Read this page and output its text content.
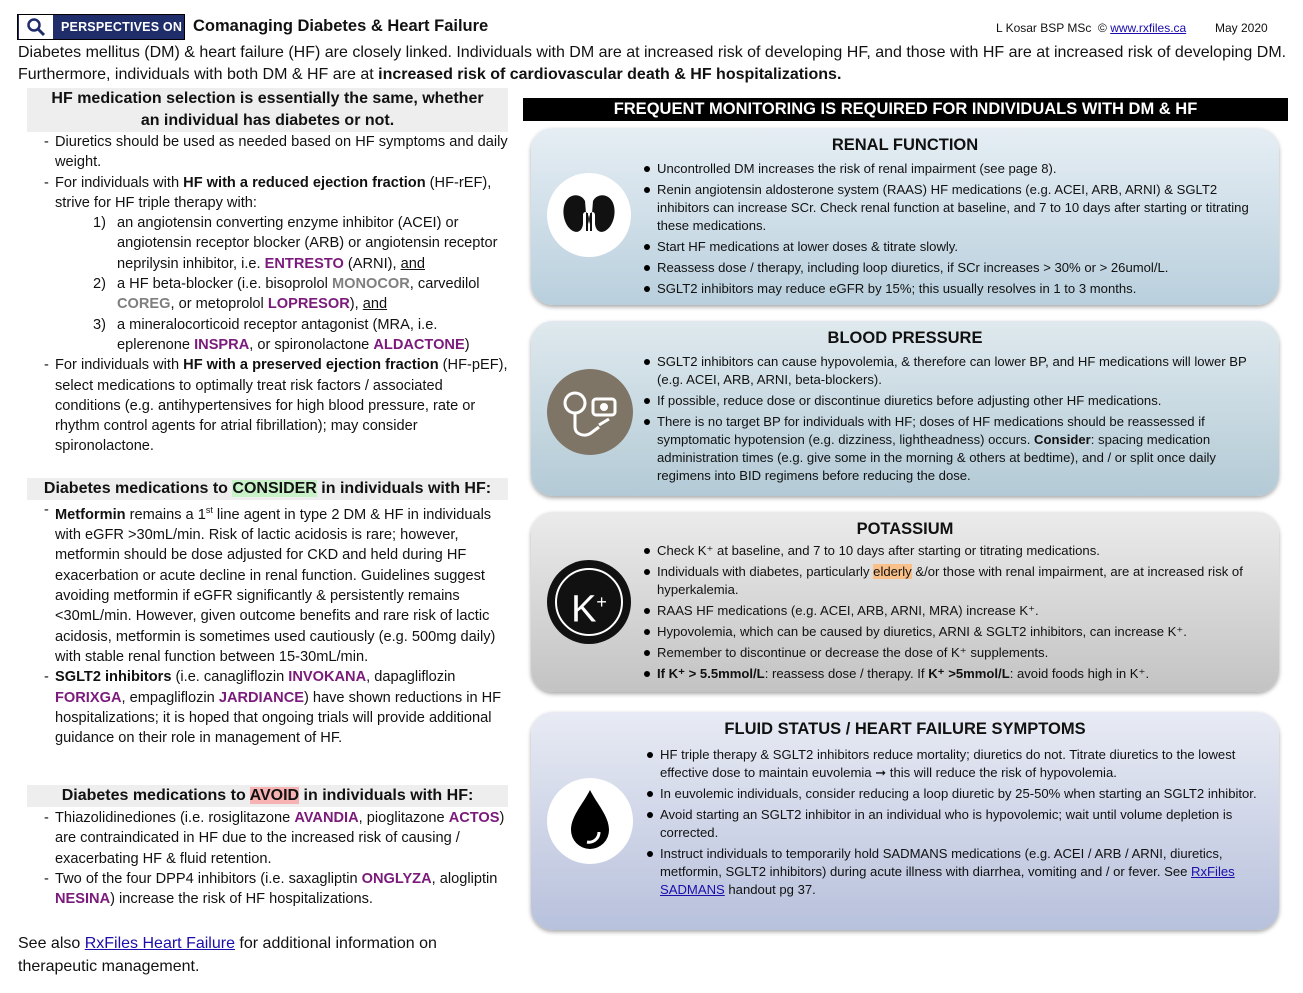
PERSPECTIVES ON Comanaging Diabetes & Heart Failure	L Kosar BSP MSc © www.rxfiles.ca May 2020
Diabetes mellitus (DM) & heart failure (HF) are closely linked. Individuals with DM are at increased risk of developing HF, and those with HF are at increased risk of developing DM. Furthermore, individuals with both DM & HF are at increased risk of cardiovascular death & HF hospitalizations.
HF medication selection is essentially the same, whether an individual has diabetes or not.
- Diuretics should be used as needed based on HF symptoms and daily weight.
- For individuals with HF with a reduced ejection fraction (HF-rEF), strive for HF triple therapy with:
1) an angiotensin converting enzyme inhibitor (ACEI) or angiotensin receptor blocker (ARB) or angiotensin receptor neprilysin inhibitor, i.e. ENTRESTO (ARNI), and
2) a HF beta-blocker (i.e. bisoprolol MONOCOR, carvedilol COREG, or metoprolol LOPRESOR), and
3) a mineralocorticoid receptor antagonist (MRA, i.e. eplerenone INSPRA, or spironolactone ALDACTONE)
- For individuals with HF with a preserved ejection fraction (HF-pEF), select medications to optimally treat risk factors / associated conditions (e.g. antihypertensives for high blood pressure, rate or rhythm control agents for atrial fibrillation); may consider spironolactone.
Diabetes medications to CONSIDER in individuals with HF:
- Metformin remains a 1st line agent in type 2 DM & HF in individuals with eGFR >30mL/min. Risk of lactic acidosis is rare; however, metformin should be dose adjusted for CKD and held during HF exacerbation or acute decline in renal function. Guidelines suggest avoiding metformin if eGFR significantly & persistently remains <30mL/min. However, given outcome benefits and rare risk of lactic acidosis, metformin is sometimes used cautiously (e.g. 500mg daily) with stable renal function between 15-30mL/min.
- SGLT2 inhibitors (i.e. canagliflozin INVOKANA, dapagliflozin FORIXGA, empagliflozin JARDIANCE) have shown reductions in HF hospitalizations; it is hoped that ongoing trials will provide additional guidance on their role in management of HF.
Diabetes medications to AVOID in individuals with HF:
- Thiazolidinediones (i.e. rosiglitazone AVANDIA, pioglitazone ACTOS) are contraindicated in HF due to the increased risk of causing / exacerbating HF & fluid retention.
- Two of the four DPP4 inhibitors (i.e. saxagliptin ONGLYZA, alogliptin NESINA) increase the risk of HF hospitalizations.
See also RxFiles Heart Failure for additional information on therapeutic management.
FREQUENT MONITORING IS REQUIRED FOR INDIVIDUALS WITH DM & HF
RENAL FUNCTION
Uncontrolled DM increases the risk of renal impairment (see page 8).
Renin angiotensin aldosterone system (RAAS) HF medications (e.g. ACEI, ARB, ARNI) & SGLT2 inhibitors can increase SCr. Check renal function at baseline, and 7 to 10 days after starting or titrating these medications.
Start HF medications at lower doses & titrate slowly.
Reassess dose / therapy, including loop diuretics, if SCr increases > 30% or > 26umol/L.
SGLT2 inhibitors may reduce eGFR by 15%; this usually resolves in 1 to 3 months.
BLOOD PRESSURE
SGLT2 inhibitors can cause hypovolemia, & therefore can lower BP, and HF medications will lower BP (e.g. ACEI, ARB, ARNI, beta-blockers).
If possible, reduce dose or discontinue diuretics before adjusting other HF medications.
There is no target BP for individuals with HF; doses of HF medications should be reassessed if symptomatic hypotension (e.g. dizziness, lightheadness) occurs. Consider: spacing medication administration times (e.g. give some in the morning & others at bedtime), and / or split once daily regimens into BID regimens before reducing the dose.
POTASSIUM
K+
Check K⁺ at baseline, and 7 to 10 days after starting or titrating medications.
Individuals with diabetes, particularly elderly &/or those with renal impairment, are at increased risk of hyperkalemia.
RAAS HF medications (e.g. ACEI, ARB, ARNI, MRA) increase K⁺.
Hypovolemia, which can be caused by diuretics, ARNI & SGLT2 inhibitors, can increase K⁺.
Remember to discontinue or decrease the dose of K⁺ supplements.
If K⁺ > 5.5mmol/L: reassess dose / therapy. If K⁺ >5mmol/L: avoid foods high in K⁺.
FLUID STATUS / HEART FAILURE SYMPTOMS
HF triple therapy & SGLT2 inhibitors reduce mortality; diuretics do not. Titrate diuretics to the lowest effective dose to maintain euvolemia ➞ this will reduce the risk of hypovolemia.
In euvolemic individuals, consider reducing a loop diuretic by 25-50% when starting an SGLT2 inhibitor.
Avoid starting an SGLT2 inhibitor in an individual who is hypovolemic; wait until volume depletion is corrected.
Instruct individuals to temporarily hold SADMANS medications (e.g. ACEI / ARB / ARNI, diuretics, metformin, SGLT2 inhibitors) during acute illness with diarrhea, vomiting and / or fever. See RxFiles SADMANS handout pg 37.
